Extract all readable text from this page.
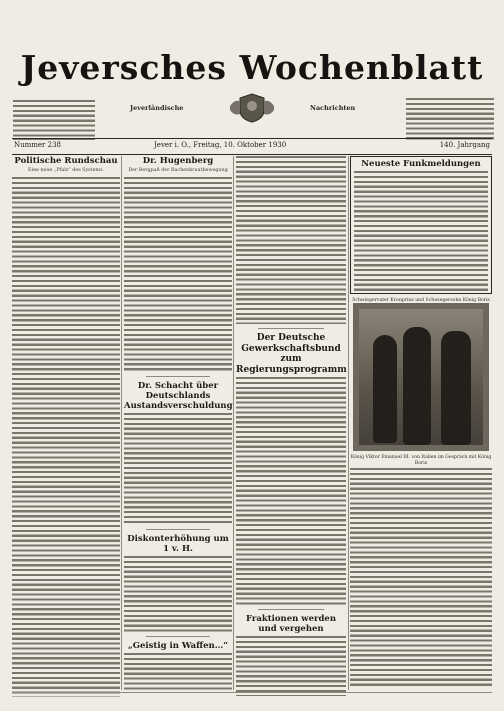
Jeversches Wochenblatt
Jeverländische	Nachrichten
Nummer 238	Jever i. O., Freitag, 10. Oktober 1930	140. Jahrgang
Politische Rundschau
Eine neue „Pfalz“ des Systems.
Dr. Hugenberg
Der Bergpaß der Rachenbrautbewegung
Dr. Schacht über Deutschlands Austandsverschuldung
Diskonterhöhung um 1 v. H.
„Geistig in Waffen…“
Der Deutsche Gewerkschaftsbund zum Regierungsprogramm
Fraktionen werden und vergehen
Neueste Funkmeldungen
Schwiegervater Kronprinz und Schwiegersohn König Boris
König Viktor Emanuel III. von Italien im Gespräch mit König Boris
